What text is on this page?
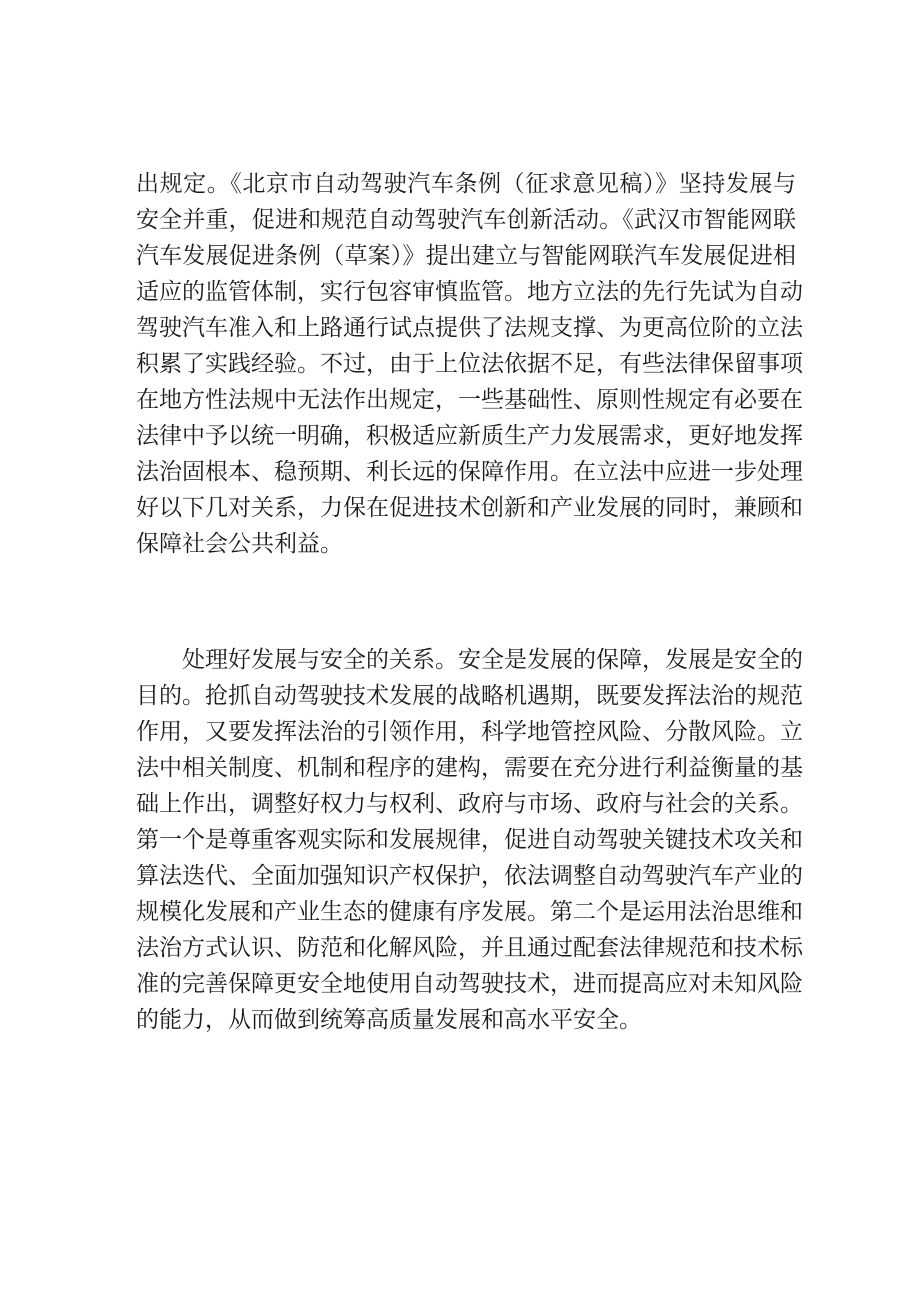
出规定。《北京市自动驾驶汽车条例（征求意见稿）》坚持发展与
安全并重，促进和规范自动驾驶汽车创新活动。《武汉市智能网联
汽车发展促进条例（草案）》提出建立与智能网联汽车发展促进相
适应的监管体制，实行包容审慎监管。地方立法的先行先试为自动
驾驶汽车准入和上路通行试点提供了法规支撑、为更高位阶的立法
积累了实践经验。不过，由于上位法依据不足，有些法律保留事项
在地方性法规中无法作出规定，一些基础性、原则性规定有必要在
法律中予以统一明确，积极适应新质生产力发展需求，更好地发挥
法治固根本、稳预期、利长远的保障作用。在立法中应进一步处理
好以下几对关系，力保在促进技术创新和产业发展的同时，兼顾和
保障社会公共利益。
处理好发展与安全的关系。安全是发展的保障，发展是安全的
目的。抢抓自动驾驶技术发展的战略机遇期，既要发挥法治的规范
作用，又要发挥法治的引领作用，科学地管控风险、分散风险。立
法中相关制度、机制和程序的建构，需要在充分进行利益衡量的基
础上作出，调整好权力与权利、政府与市场、政府与社会的关系。
第一个是尊重客观实际和发展规律，促进自动驾驶关键技术攻关和
算法迭代、全面加强知识产权保护，依法调整自动驾驶汽车产业的
规模化发展和产业生态的健康有序发展。第二个是运用法治思维和
法治方式认识、防范和化解风险，并且通过配套法律规范和技术标
准的完善保障更安全地使用自动驾驶技术，进而提高应对未知风险
的能力，从而做到统筹高质量发展和高水平安全。
